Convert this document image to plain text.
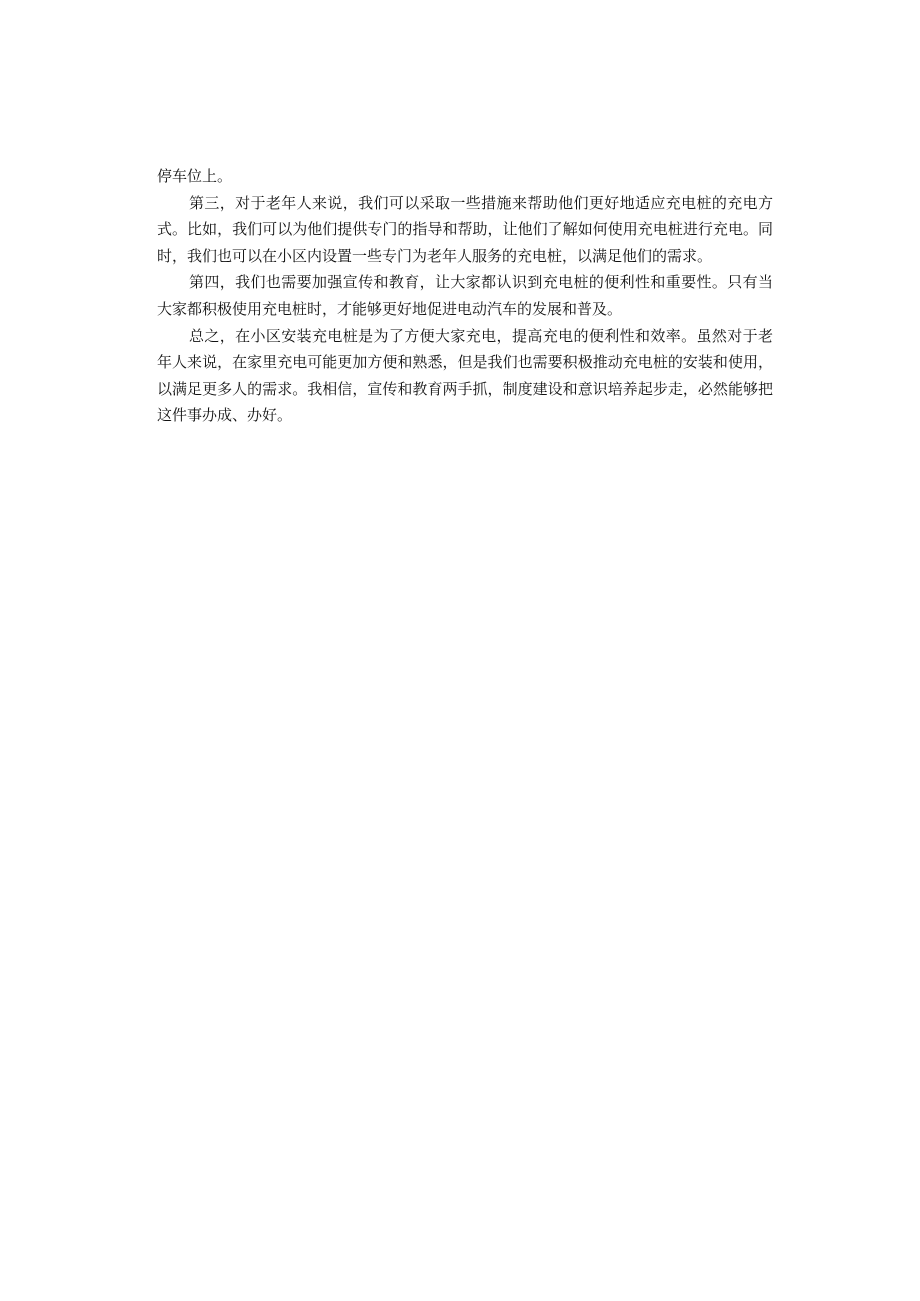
停车位上。

第三，对于老年人来说，我们可以采取一些措施来帮助他们更好地适应充电桩的充电方式。比如，我们可以为他们提供专门的指导和帮助，让他们了解如何使用充电桩进行充电。同时，我们也可以在小区内设置一些专门为老年人服务的充电桩，以满足他们的需求。

第四，我们也需要加强宣传和教育，让大家都认识到充电桩的便利性和重要性。只有当大家都积极使用充电桩时，才能够更好地促进电动汽车的发展和普及。

总之，在小区安装充电桩是为了方便大家充电，提高充电的便利性和效率。虽然对于老年人来说，在家里充电可能更加方便和熟悉，但是我们也需要积极推动充电桩的安装和使用，以满足更多人的需求。我相信，宣传和教育两手抓，制度建设和意识培养起步走，必然能够把这件事办成、办好。
